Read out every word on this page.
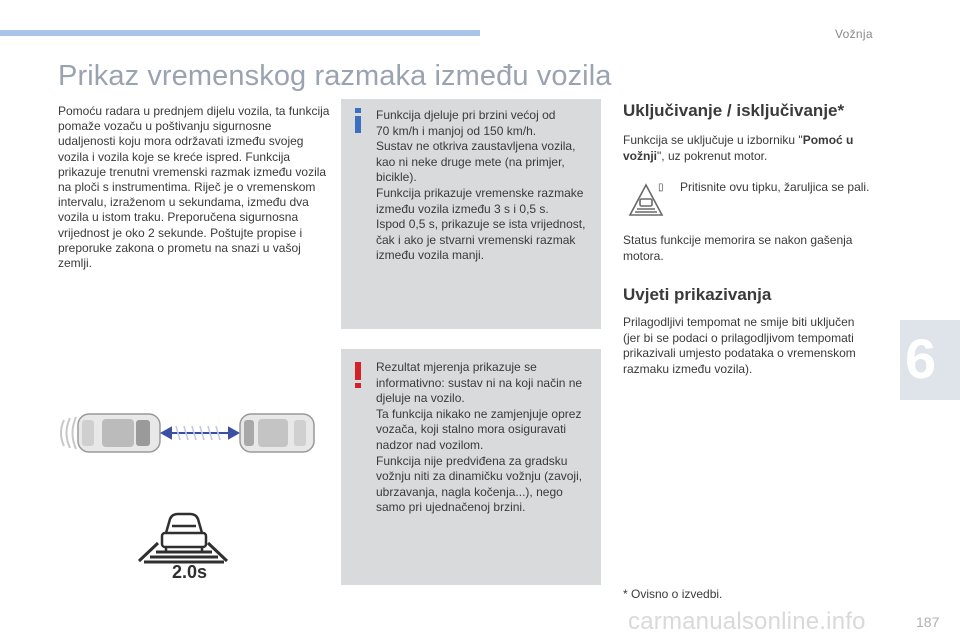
Vožnja
Prikaz vremenskog razmaka između vozila
Pomoću radara u prednjem dijelu vozila, ta funkcija pomaže vozaču u poštivanju sigurnosne udaljenosti koju mora održavati između svojeg vozila i vozila koje se kreće ispred. Funkcija prikazuje trenutni vremenski razmak između vozila na ploči s instrumentima. Riječ je o vremenskom intervalu, izraženom u sekundama, između dva vozila u istom traku. Preporučena sigurnosna vrijednost je oko 2 sekunde. Poštujte propise i preporuke zakona o prometu na snazi u vašoj zemlji.
2.0s
Funkcija djeluje pri brzini većoj od
70 km/h i manjoj od 150 km/h.
Sustav ne otkriva zaustavljena vozila, kao ni neke druge mete (na primjer, bicikle).
Funkcija prikazuje vremenske razmake između vozila između 3 s i 0,5 s.
Ispod 0,5 s, prikazuje se ista vrijednost, čak i ako je stvarni vremenski razmak između vozila manji.
Rezultat mjerenja prikazuje se informativno: sustav ni na koji način ne djeluje na vozilo.
Ta funkcija nikako ne zamjenjuje oprez vozača, koji stalno mora osiguravati nadzor nad vozilom.
Funkcija nije predviđena za gradsku vožnju niti za dinamičku vožnju (zavoji, ubrzavanja, nagla kočenja...), nego samo pri ujednačenoj brzini.
Uključivanje / isključivanje*
Funkcija se uključuje u izborniku "Pomoć u vožnji", uz pokrenut motor.
▯ Pritisnite ovu tipku, žaruljica se pali.
Status funkcije memorira se nakon gašenja motora.
Uvjeti prikazivanja
Prilagodljivi tempomat ne smije biti uključen (jer bi se podaci o prilagodljivom tempomati prikazivali umjesto podataka o vremenskom razmaku između vozila).
* Ovisno o izvedbi.
6
carmanualsonline.info	187
